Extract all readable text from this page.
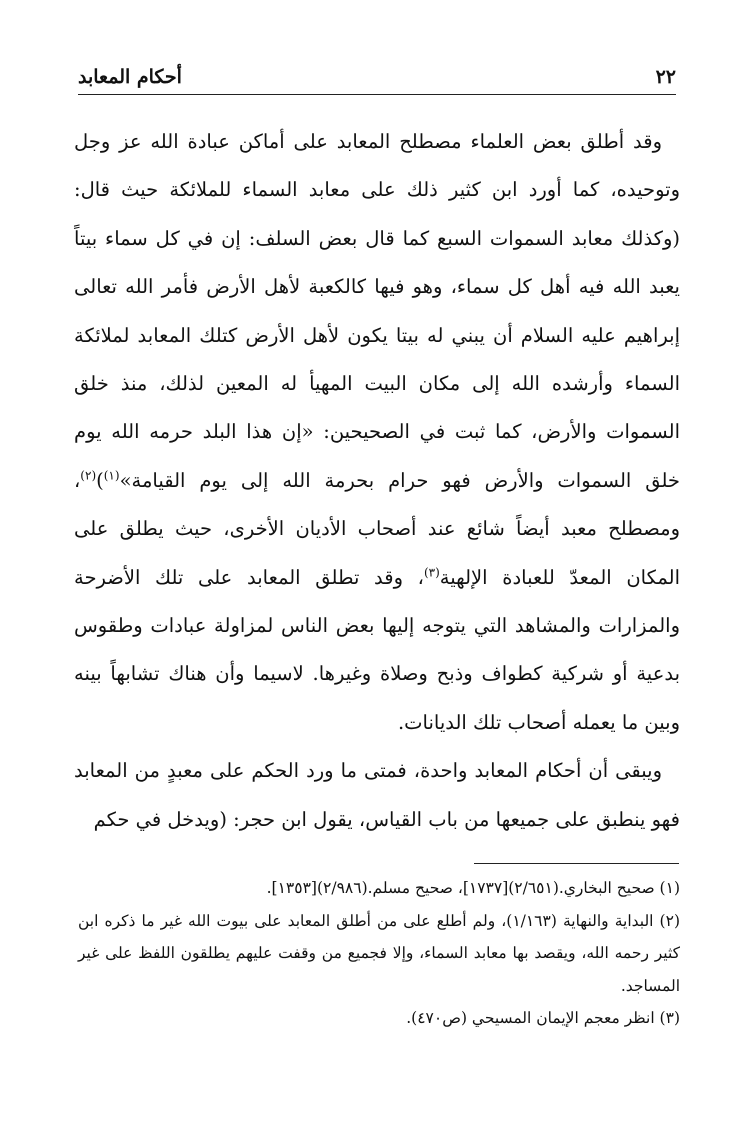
٢٢
أحكام المعابد

وقد أطلق بعض العلماء مصطلح المعابد على أماكن عبادة الله عز وجل وتوحيده، كما أورد ابن كثير ذلك على معابد السماء للملائكة حيث قال: (وكذلك معابد السموات السبع كما قال بعض السلف: إن في كل سماء بيتاً يعبد الله فيه أهل كل سماء، وهو فيها كالكعبة لأهل الأرض فأمر الله تعالى إبراهيم عليه السلام أن يبني له بيتا يكون لأهل الأرض كتلك المعابد لملائكة السماء وأرشده الله إلى مكان البيت المهيأ له المعين لذلك، منذ خلق السموات والأرض، كما ثبت في الصحيحين: «إن هذا البلد حرمه الله يوم خلق السموات والأرض فهو حرام بحرمة الله إلى يوم القيامة»$^{(١)}$)$^{(٢)}$، ومصطلح معبد أيضاً شائع عند أصحاب الأديان الأخرى، حيث يطلق على المكان المعدّ للعبادة الإلهية$^{(٣)}$، وقد تطلق المعابد على تلك الأضرحة والمزارات والمشاهد التي يتوجه إليها بعض الناس لمزاولة عبادات وطقوس بدعية أو شركية كطواف وذبح وصلاة وغيرها. لاسيما وأن هناك تشابهاً بينه وبين ما يعمله أصحاب تلك الديانات.

ويبقى أن أحكام المعابد واحدة، فمتى ما ورد الحكم على معبدٍ من المعابد فهو ينطبق على جميعها من باب القياس، يقول ابن حجر: (ويدخل في حكم

(١) صحيح البخاري.(٢/٦٥١)[١٧٣٧]، صحيح مسلم.(٢/٩٨٦)[١٣٥٣].

(٢) البداية والنهاية (١/١٦٣)، ولم أطلع على من أطلق المعابد على بيوت الله غير ما ذكره ابن كثير رحمه الله، ويقصد بها معابد السماء، وإلا فجميع من وقفت عليهم يطلقون اللفظ على غير المساجد.

(٣) انظر معجم الإيمان المسيحي (ص٤٧٠).
